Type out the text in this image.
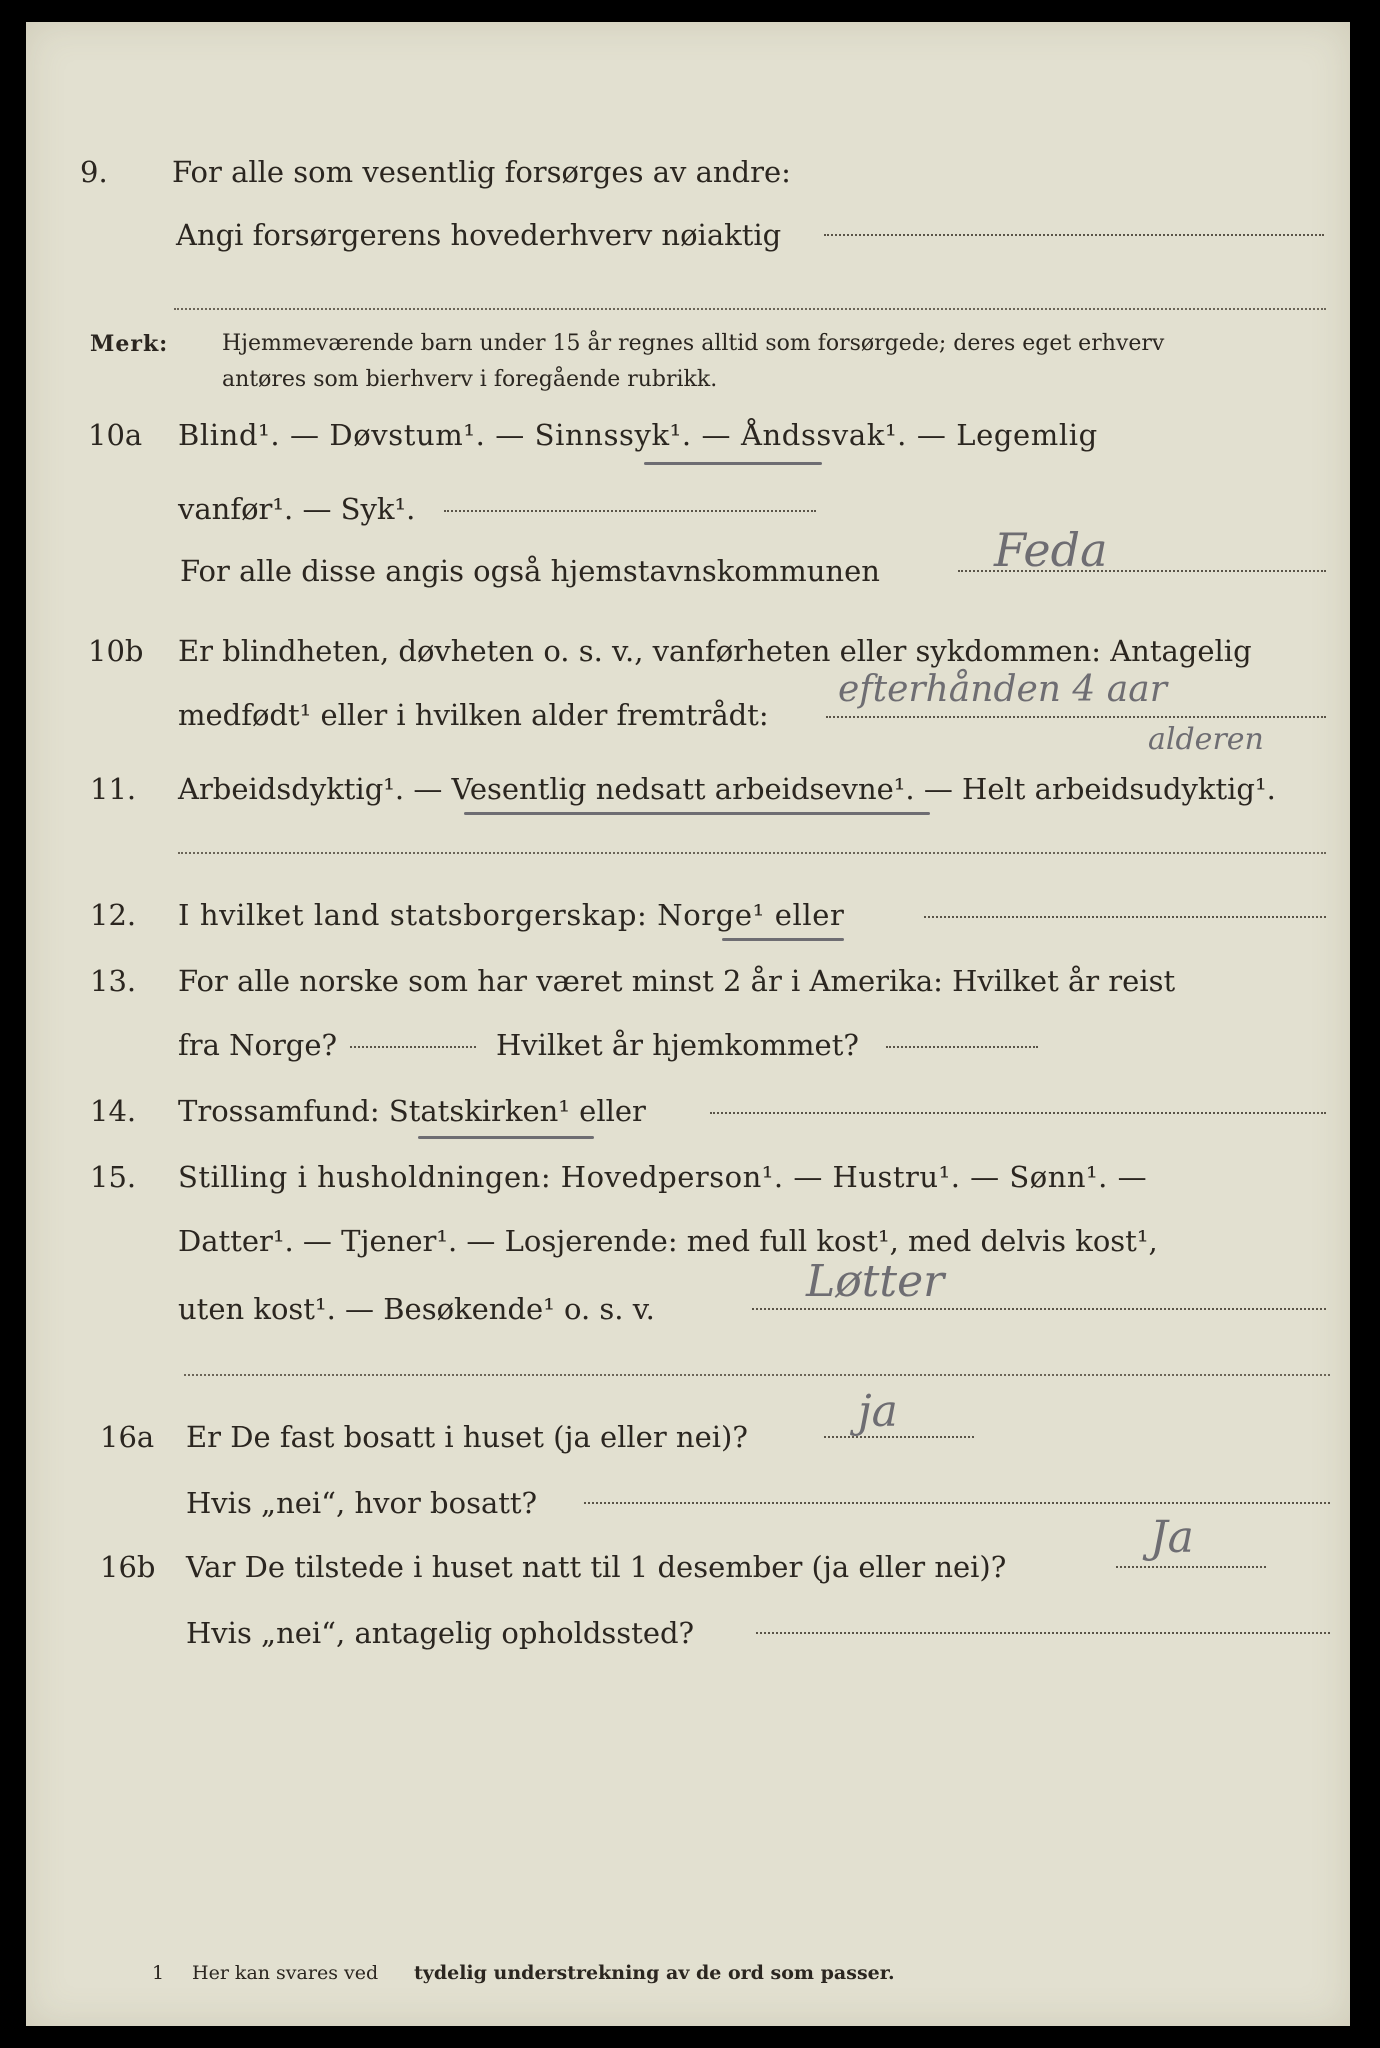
9. For alle som vesentlig forsørges av andre:
Angi forsørgerens hovederhverv nøiaktig
Merk: Hjemmeværende barn under 15 år regnes alltid som forsørgede; deres eget erhverv
antøres som bierhverv i foregående rubrikk.
10a Blind¹. — Døvstum¹. — Sinnssyk¹. — Åndssvak¹. — Legemlig
vanfør¹. — Syk¹.
For alle disse angis også hjemstavnskommunen Feda
10b Er blindheten, døvheten o. s. v., vanførheten eller sykdommen: Antagelig
medfødt¹ eller i hvilken alder fremtrådt:
efterhånden 4 aar
alderen
11. Arbeidsdyktig¹. — Vesentlig nedsatt arbeidsevne¹. — Helt arbeidsudyktig¹.
12. I hvilket land statsborgerskap: Norge¹ eller
13. For alle norske som har været minst 2 år i Amerika: Hvilket år reist
fra Norge?	Hvilket år hjemkommet?
14. Trossamfund: Statskirken¹ eller
15. Stilling i husholdningen: Hovedperson¹. — Hustru¹. — Sønn¹. —
Datter¹. — Tjener¹. — Losjerende: med full kost¹, med delvis kost¹,
uten kost¹. — Besøkende¹ o. s. v.
Løtter
16a Er De fast bosatt i huset (ja eller nei)?	ja
Hvis „nei“, hvor bosatt?
16b Var De tilstede i huset natt til 1 desember (ja eller nei)?
Ja
Hvis „nei“, antagelig opholdssted?
1 Her kan svares ved tydelig understrekning av de ord som passer.
